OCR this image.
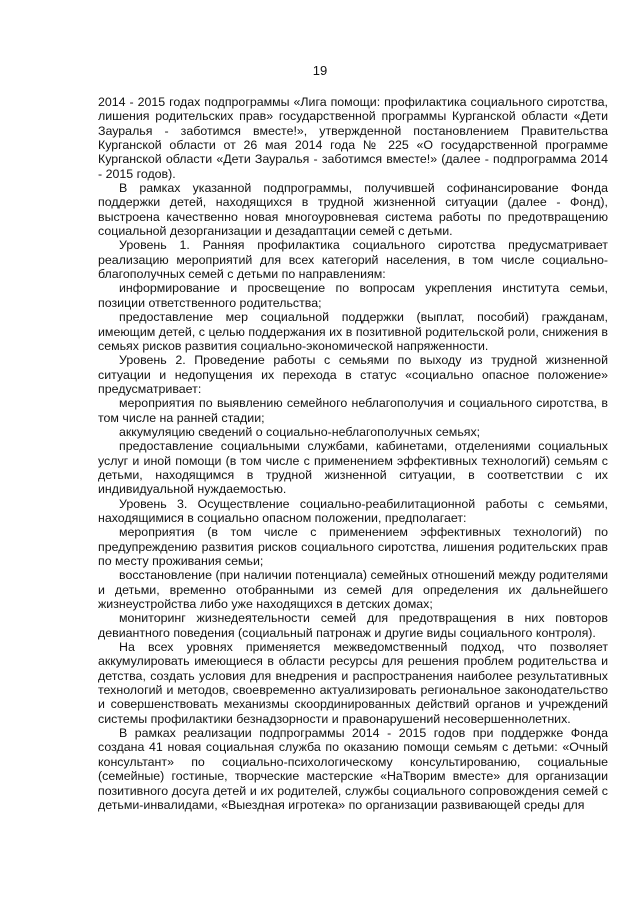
19

2014 - 2015 годах подпрограммы «Лига помощи: профилактика социального сиротства, лишения родительских прав» государственной программы Курганской области «Дети Зауралья - заботимся вместе!», утвержденной постановлением Правительства Курганской области от 26 мая 2014 года № 225 «О государственной программе Курганской области «Дети Зауралья - заботимся вместе!» (далее - подпрограмма 2014 - 2015 годов).

В рамках указанной подпрограммы, получившей софинансирование Фонда поддержки детей, находящихся в трудной жизненной ситуации (далее - Фонд), выстроена качественно новая многоуровневая система работы по предотвращению социальной дезорганизации и дезадаптации семей с детьми.

Уровень 1. Ранняя профилактика социального сиротства предусматривает реализацию мероприятий для всех категорий населения, в том числе социально-благополучных семей с детьми по направлениям:

информирование и просвещение по вопросам укрепления института семьи, позиции ответственного родительства;

предоставление мер социальной поддержки (выплат, пособий) гражданам, имеющим детей, с целью поддержания их в позитивной родительской роли, снижения в семьях рисков развития социально-экономической напряженности.

Уровень 2. Проведение работы с семьями по выходу из трудной жизненной ситуации и недопущения их перехода в статус «социально опасное положение» предусматривает:

мероприятия по выявлению семейного неблагополучия и социального сиротства, в том числе на ранней стадии;

аккумуляцию сведений о социально-неблагополучных семьях;

предоставление социальными службами, кабинетами, отделениями социальных услуг и иной помощи (в том числе с применением эффективных технологий) семьям с детьми, находящимся в трудной жизненной ситуации, в соответствии с их индивидуальной нуждаемостью.

Уровень 3. Осуществление социально-реабилитационной работы с семьями, находящимися в социально опасном положении, предполагает:

мероприятия (в том числе с применением эффективных технологий) по предупреждению развития рисков социального сиротства, лишения родительских прав по месту проживания семьи;

восстановление (при наличии потенциала) семейных отношений между родителями и детьми, временно отобранными из семей для определения их дальнейшего жизнеустройства либо уже находящихся в детских домах;

мониторинг жизнедеятельности семей для предотвращения в них повторов девиантного поведения (социальный патронаж и другие виды социального контроля).

На всех уровнях применяется межведомственный подход, что позволяет аккумулировать имеющиеся в области ресурсы для решения проблем родительства и детства, создать условия для внедрения и распространения наиболее результативных технологий и методов, своевременно актуализировать региональное законодательство и совершенствовать механизмы скоординированных действий органов и учреждений системы профилактики безнадзорности и правонарушений несовершеннолетних.

В рамках реализации подпрограммы 2014 - 2015 годов при поддержке Фонда создана 41 новая социальная служба по оказанию помощи семьям с детьми: «Очный консультант» по социально-психологическому консультированию, социальные (семейные) гостиные, творческие мастерские «НаТворим вместе» для организации позитивного досуга детей и их родителей, службы социального сопровождения семей с детьми-инвалидами, «Выездная игротека» по организации развивающей среды для
